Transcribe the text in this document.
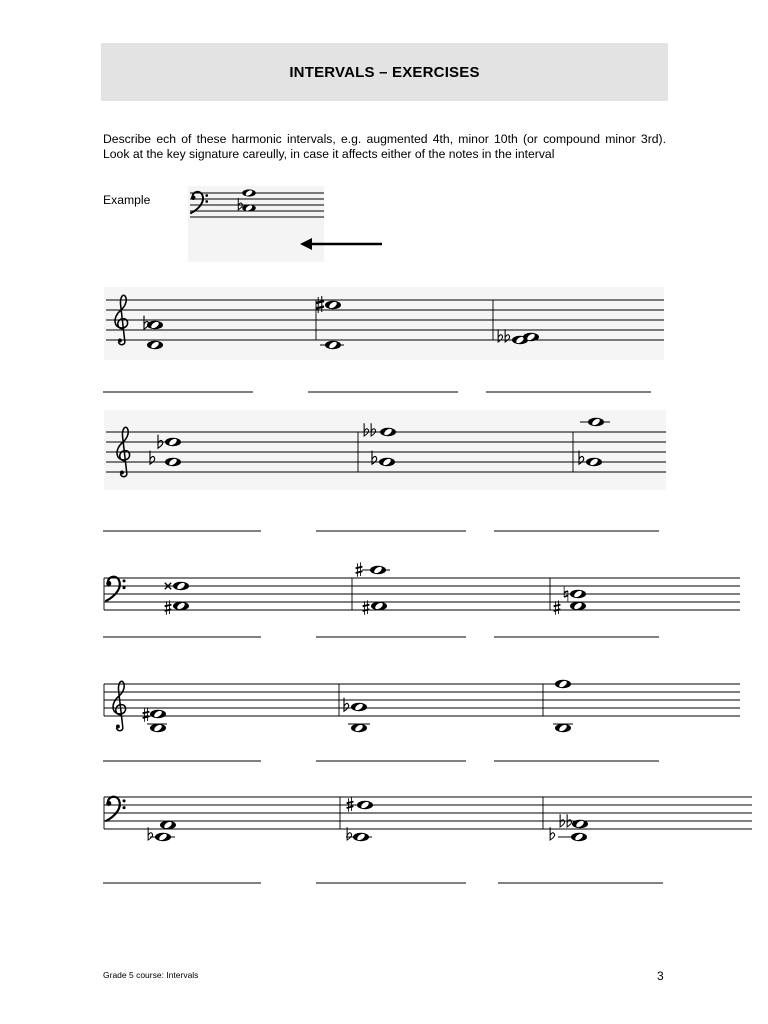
INTERVALS – EXERCISES
Describe ech of these harmonic intervals, e.g. augmented 4th, minor 10th (or compound minor 3rd). Look at the key signature careully, in case it affects either of the notes in the interval
Example
Grade 5 course: Intervals	3
